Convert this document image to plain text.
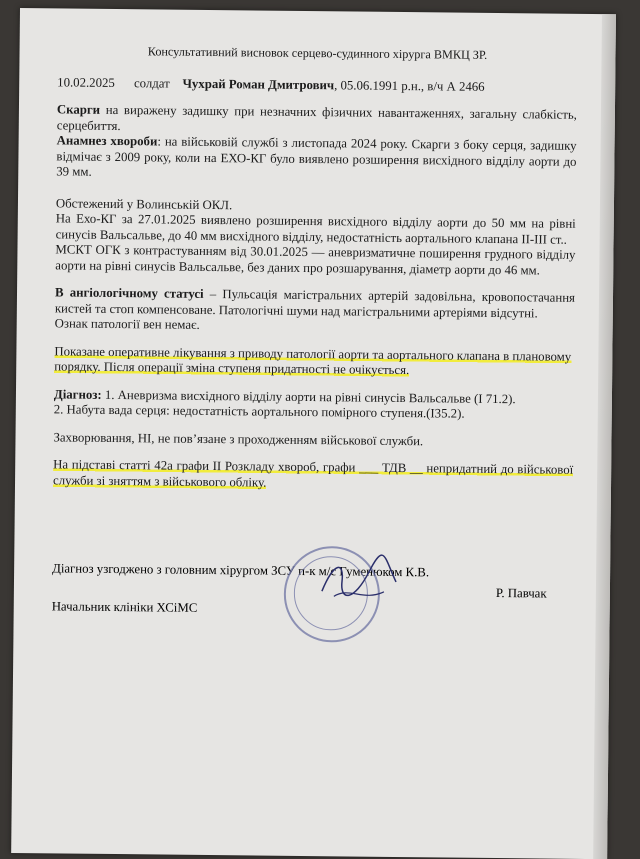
Консультативний висновок серцево-судинного хірурга ВМКЦ ЗР.

10.02.2025 солдат Чухрай Роман Дмитрович, 05.06.1991 р.н., в/ч А 2466

Скарги на виражену задишку при незначних фізичних навантаженнях, загальну слабкість, серцебиття.

Анамнез хвороби: на військовій службі з листопада 2024 року. Скарги з боку серця, задишку відмічає з 2009 року, коли на ЕХО-КГ було виявлено розширення висхідного відділу аорти до 39 мм.

Обстежений у Волинській ОКЛ.

На Ехо-КГ за 27.01.2025 виявлено розширення висхідного відділу аорти до 50 мм на рівні синусів Вальсальве, до 40 мм висхідного відділу, недостатність аортального клапана ІІ-ІІІ ст..

МСКТ ОГК з контрастуванням від 30.01.2025 — аневризматичне поширення грудного відділу аорти на рівні синусів Вальсальве, без даних про розшарування, діаметр аорти до 46 мм.

В ангіологічному статусі – Пульсація магістральних артерій задовільна, кровопостачання кистей та стоп компенсоване. Патологічні шуми над магістральними артеріями відсутні.

Ознак патології вен немає.

Показане оперативне лікування з приводу патології аорти та аортального клапана в плановому порядку. Після операції зміна ступеня придатності не очікується.

Діагноз: 1. Аневризма висхідного відділу аорти на рівні синусів Вальсальве (І 71.2).

2. Набута вада серця: недостатність аортального помірного ступеня.(І35.2).

Захворювання, НІ, не пов’язане з проходженням військової служби.

На підставі статті 42а графи ІІ Розкладу хвороб, графи ___ ТДВ __ непридатний до військової служби зі зняттям з військового обліку.

Діагноз узгоджено з головним хірургом ЗСУ п-к м/с Гуменюком К.В.

Р. Павчак

Начальник клініки ХСіМС
